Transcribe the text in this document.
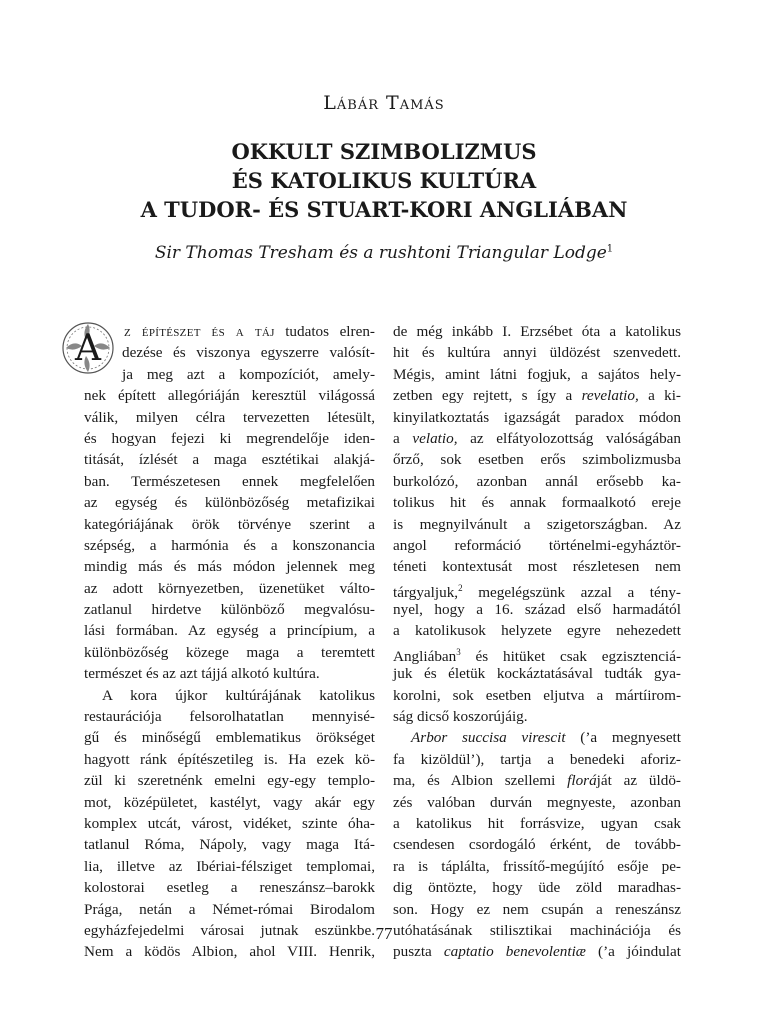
Lábár Tamás
OKKULT SZIMBOLIZMUS
ÉS KATOLIKUS KULTÚRA
A TUDOR- ÉS STUART-KORI ANGLIÁBAN
Sir Thomas Tresham és a rushtoni Triangular Lodge$^1$
A z építészet és a táj tudatos elren-
dezése és viszonya egyszerre valósít-
ja meg azt a kompozíciót, amely-
nek épített allegóriáján keresztül világossá
válik, milyen célra tervezetten létesült,
és hogyan fejezi ki megrendelője iden-
titását, ízlését a maga esztétikai alakjá-
ban. Természetesen ennek megfelelően
az egység és különbözőség metafizikai
kategóriájának örök törvénye szerint a
szépség, a harmónia és a konszonancia
mindig más és más módon jelennek meg
az adott környezetben, üzenetüket válto-
zatlanul hirdetve különböző megvalósu-
lási formában. Az egység a princípium, a
különbözőség közege maga a teremtett
természet és az azt tájjá alkotó kultúra.
A kora újkor kultúrájának katolikus
restaurációja felsorolhatatlan mennyisé-
gű és minőségű emblematikus örökséget
hagyott ránk építészetileg is. Ha ezek kö-
zül ki szeretnénk emelni egy-egy templo-
mot, középületet, kastélyt, vagy akár egy
komplex utcát, várost, vidéket, szinte óha-
tatlanul Róma, Nápoly, vagy maga Itá-
lia, illetve az Ibériai-félsziget templomai,
kolostorai esetleg a reneszánsz–barokk
Prága, netán a Német-római Birodalom
egyházfejedelmi városai jutnak eszünkbe.
Nem a ködös Albion, ahol VIII. Henrik,
de még inkább I. Erzsébet óta a katolikus
hit és kultúra annyi üldözést szenvedett.
Mégis, amint látni fogjuk, a sajátos hely-
zetben egy rejtett, s így a revelatio, a ki-
kinyilatkoztatás igazságát paradox módon
a velatio, az elfátyolozottság valóságában
őrző, sok esetben erős szimbolizmusba
burkolózó, azonban annál erősebb ka-
tolikus hit és annak formaalkotó ereje
is megnyilvánult a szigetországban. Az
angol reformáció történelmi-egyháztör-
téneti kontextusát most részletesen nem
tárgyaljuk,$^2$ megelégszünk azzal a tény-
nyel, hogy a 16. század első harmadától
a katolikusok helyzete egyre nehezedett
Angliában$^3$ és hitüket csak egzisztenciá-
juk és életük kockáztatásával tudták gya-
korolni, sok esetben eljutva a mártíirom-
ság dicső koszorújáig.
Arbor succisa virescit (’a megnyesett
fa kizöldül’), tartja a benedeki aforiz-
ma, és Albion szellemi floráját az üldö-
zés valóban durván megnyeste, azonban
a katolikus hit forrásvize, ugyan csak
csendesen csordogáló érként, de tovább-
ra is táplálta, frissítő-megújító esője pe-
dig öntözte, hogy üde zöld maradhas-
son. Hogy ez nem csupán a reneszánsz
utóhatásának stilisztikai machinációja és
puszta captatio benevolentiæ (’a jóindulat
77
